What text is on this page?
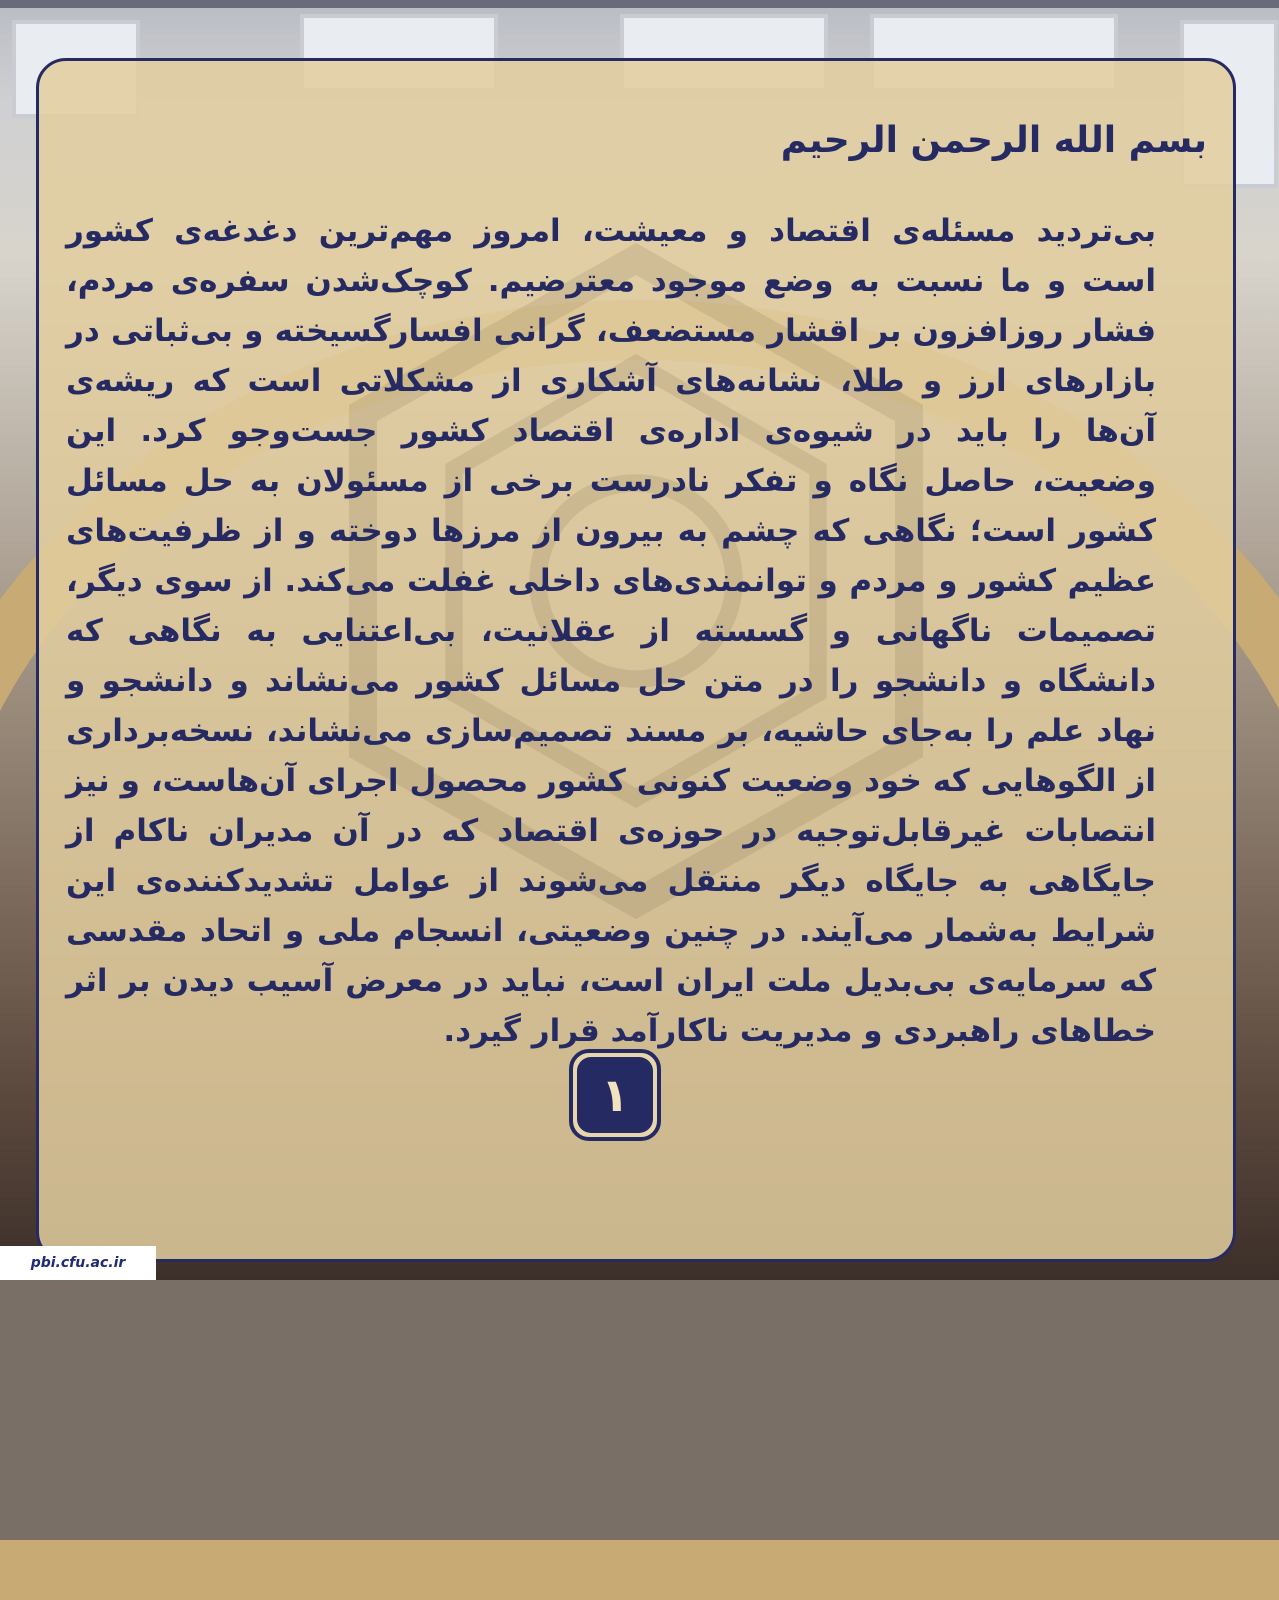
بسم الله الرحمن الرحیم

بی‌تردید مسئله‌ی اقتصاد و معیشت، امروز مهم‌ترین دغدغه‌ی کشور است و ما نسبت به وضع موجود معترضیم. کوچک‌شدن سفره‌ی مردم، فشار روزافزون بر اقشار مستضعف، گرانی افسارگسیخته و بی‌ثباتی در بازارهای ارز و طلا، نشانه‌های آشکاری از مشکلاتی است که ریشه‌ی آن‌ها را باید در شیوه‌ی اداره‌ی اقتصاد کشور جست‌وجو کرد. این وضعیت، حاصل نگاه و تفکر نادرست برخی از مسئولان به حل مسائل کشور است؛ نگاهی که چشم به بیرون از مرزها دوخته و از ظرفیت‌های عظیم کشور و مردم و توانمندی‌های داخلی غفلت می‌کند. از سوی دیگر، تصمیمات ناگهانی و گسسته از عقلانیت، بی‌اعتنایی به نگاهی که دانشگاه و دانشجو را در متن حل مسائل کشور می‌نشاند و دانشجو و نهاد علم را به‌جای حاشیه، بر مسند تصمیم‌سازی می‌نشاند، نسخه‌برداری از الگوهایی که خود وضعیت کنونی کشور محصول اجرای آن‌هاست، و نیز انتصابات غیرقابل‌توجیه در حوزه‌ی اقتصاد که در آن مدیران ناکام از جایگاهی به جایگاه دیگر منتقل می‌شوند از عوامل تشدیدکننده‌ی این شرایط به‌شمار می‌آیند. در چنین وضعیتی، انسجام ملی و اتحاد مقدسی که سرمایه‌ی بی‌بدیل ملت ایران است، نباید در معرض آسیب دیدن بر اثر خطاهای راهبردی و مدیریت ناکارآمد قرار گیرد.

۱
pbi.cfu.ac.ir
